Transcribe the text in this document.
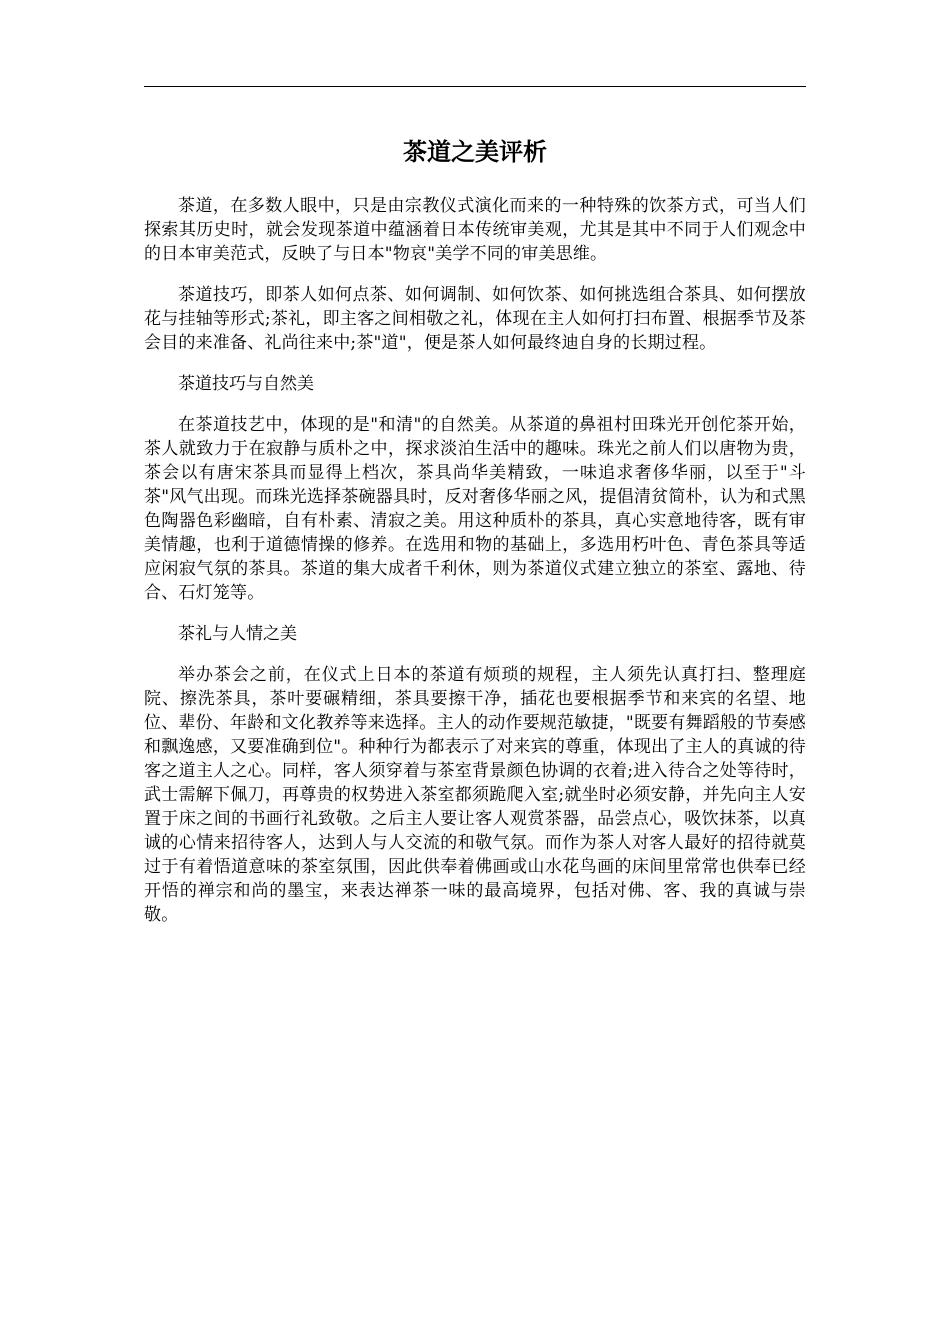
茶道之美评析

茶道，在多数人眼中，只是由宗教仪式演化而来的一种特殊的饮茶方式，可当人们探索其历史时，就会发现茶道中蕴涵着日本传统审美观，尤其是其中不同于人们观念中的日本审美范式，反映了与日本"物哀"美学不同的审美思维。

茶道技巧，即茶人如何点茶、如何调制、如何饮茶、如何挑选组合茶具、如何摆放花与挂轴等形式;茶礼，即主客之间相敬之礼，体现在主人如何打扫布置、根据季节及茶会目的来准备、礼尚往来中;茶"道"，便是茶人如何最终迪自身的长期过程。

茶道技巧与自然美

在茶道技艺中，体现的是"和清"的自然美。从茶道的鼻祖村田珠光开创佗茶开始，茶人就致力于在寂静与质朴之中，探求淡泊生活中的趣味。珠光之前人们以唐物为贵，茶会以有唐宋茶具而显得上档次，茶具尚华美精致，一味追求奢侈华丽，以至于"斗茶"风气出现。而珠光选择茶碗器具时，反对奢侈华丽之风，提倡清贫简朴，认为和式黑色陶器色彩幽暗，自有朴素、清寂之美。用这种质朴的茶具，真心实意地待客，既有审美情趣，也利于道德情操的修养。在选用和物的基础上，多选用朽叶色、青色茶具等适应闲寂气氛的茶具。茶道的集大成者千利休，则为茶道仪式建立独立的茶室、露地、待合、石灯笼等。

茶礼与人情之美

举办茶会之前，在仪式上日本的茶道有烦琐的规程，主人须先认真打扫、整理庭院、擦洗茶具，茶叶要碾精细，茶具要擦干净，插花也要根据季节和来宾的名望、地位、辈份、年龄和文化教养等来选择。主人的动作要规范敏捷，"既要有舞蹈般的节奏感和飘逸感，又要准确到位"。种种行为都表示了对来宾的尊重，体现出了主人的真诚的待客之道主人之心。同样，客人须穿着与茶室背景颜色协调的衣着;进入待合之处等待时，武士需解下佩刀，再尊贵的权势进入茶室都须跪爬入室;就坐时必须安静，并先向主人安置于床之间的书画行礼致敬。之后主人要让客人观赏茶器，品尝点心，吸饮抹茶，以真诚的心情来招待客人，达到人与人交流的和敬气氛。而作为茶人对客人最好的招待就莫过于有着悟道意味的茶室氛围，因此供奉着佛画或山水花鸟画的床间里常常也供奉已经开悟的禅宗和尚的墨宝，来表达禅茶一味的最高境界，包括对佛、客、我的真诚与崇敬。
